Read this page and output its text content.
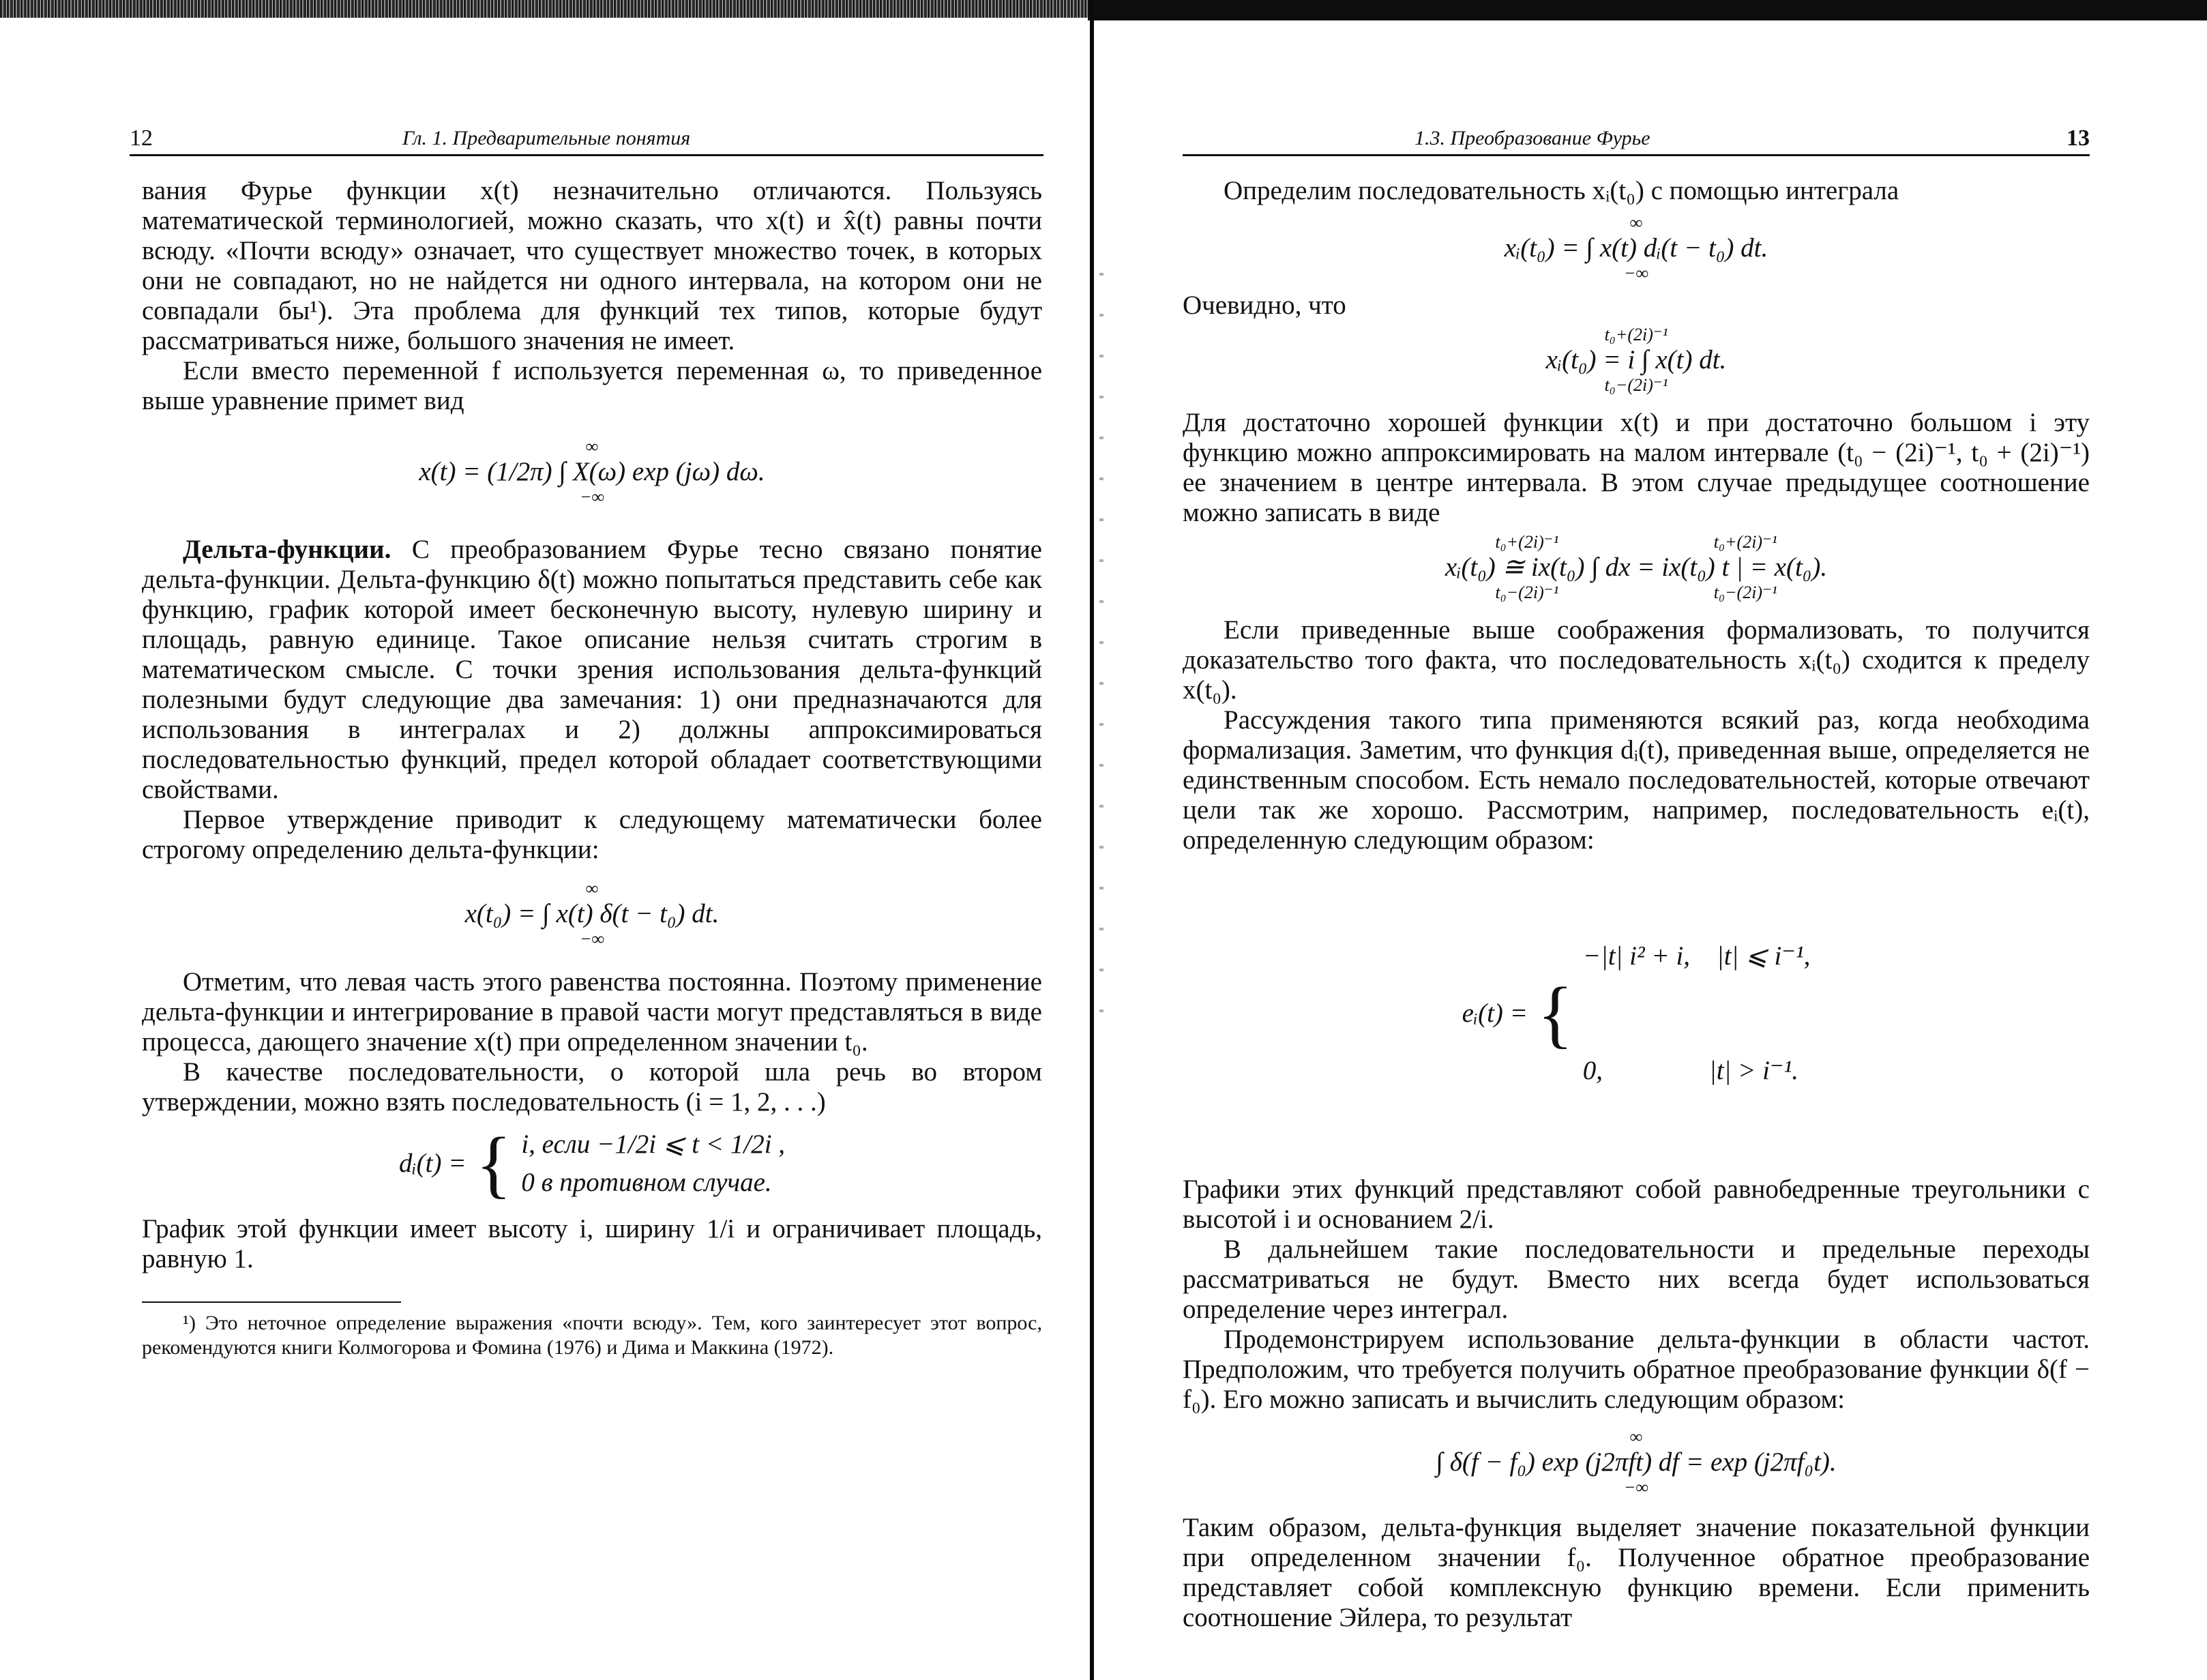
12	Гл. 1. Предварительные понятия

вания Фурье функции x(t) незначительно отличаются. Пользуясь математической терминологией, можно сказать, что x(t) и x̂(t) равны почти всюду. «Почти всюду» означает, что существует множество точек, в которых они не совпадают, но не найдется ни одного интервала, на котором они не совпадали бы¹). Эта проблема для функций тех типов, которые будут рассматриваться ниже, большого значения не имеет.

Если вместо переменной f используется переменная ω, то приведенное выше уравнение примет вид

∞
x(t) = (1/2π) ∫ X(ω) exp (jω) dω.
−∞

Дельта-функции. С преобразованием Фурье тесно связано понятие дельта-функции. Дельта-функцию δ(t) можно попытаться представить себе как функцию, график которой имеет бесконечную высоту, нулевую ширину и площадь, равную единице. Такое описание нельзя считать строгим в математическом смысле. С точки зрения использования дельта-функций полезными будут следующие два замечания: 1) они предназначаются для использования в интегралах и 2) должны аппроксимироваться последовательностью функций, предел которой обладает соответствующими свойствами.

Первое утверждение приводит к следующему математически более строгому определению дельта-функции:

∞
x(t₀) = ∫ x(t) δ(t − t₀) dt.
−∞

Отметим, что левая часть этого равенства постоянна. Поэтому применение дельта-функции и интегрирование в правой части могут представляться в виде процесса, дающего значение x(t) при определенном значении t₀.

В качестве последовательности, о которой шла речь во втором утверждении, можно взять последовательность (i = 1, 2, . . .)

dᵢ(t) = { i, если −1/2i ⩽ t < 1/2i ,
0 в противном случае.

График этой функции имеет высоту i, ширину 1/i и ограничивает площадь, равную 1.

¹) Это неточное определение выражения «почти всюду». Тем, кого заинтересует этот вопрос, рекомендуются книги Колмогорова и Фомина (1976) и Дима и Маккина (1972).

1.3. Преобразование Фурье	13

Определим последовательность xᵢ(t₀) с помощью интеграла

∞
xᵢ(t₀) = ∫ x(t) dᵢ(t − t₀) dt.
−∞

Очевидно, что

t₀+(2i)⁻¹
xᵢ(t₀) = i ∫ x(t) dt.
t₀−(2i)⁻¹

Для достаточно хорошей функции x(t) и при достаточно большом i эту функцию можно аппроксимировать на малом интервале (t₀ − (2i)⁻¹, t₀ + (2i)⁻¹) ее значением в центре интервала. В этом случае предыдущее соотношение можно записать в виде

t₀+(2i)⁻¹                                   t₀+(2i)⁻¹
xᵢ(t₀) ≅ ix(t₀) ∫ dx = ix(t₀) t | = x(t₀).
t₀−(2i)⁻¹                                   t₀−(2i)⁻¹

Если приведенные выше соображения формализовать, то получится доказательство того факта, что последовательность xᵢ(t₀) сходится к пределу x(t₀).

Рассуждения такого типа применяются всякий раз, когда необходима формализация. Заметим, что функция dᵢ(t), приведенная выше, определяется не единственным способом. Есть немало последовательностей, которые отвечают цели так же хорошо. Рассмотрим, например, последовательность eᵢ(t), определенную следующим образом:

eᵢ(t) = {

−|t| i² + i,    |t| ⩽ i⁻¹,

0,                |t| > i⁻¹.

Графики этих функций представляют собой равнобедренные треугольники с высотой i и основанием 2/i.

В дальнейшем такие последовательности и предельные переходы рассматриваться не будут. Вместо них всегда будет использоваться определение через интеграл.

Продемонстрируем использование дельта-функции в области частот. Предположим, что требуется получить обратное преобразование функции δ(f − f₀). Его можно записать и вычислить следующим образом:

∞
∫ δ(f − f₀) exp (j2πft) df = exp (j2πf₀t).
−∞

Таким образом, дельта-функция выделяет значение показательной функции при определенном значении f₀. Полученное обратное преобразование представляет собой комплексную функцию времени. Если применить соотношение Эйлера, то результат
